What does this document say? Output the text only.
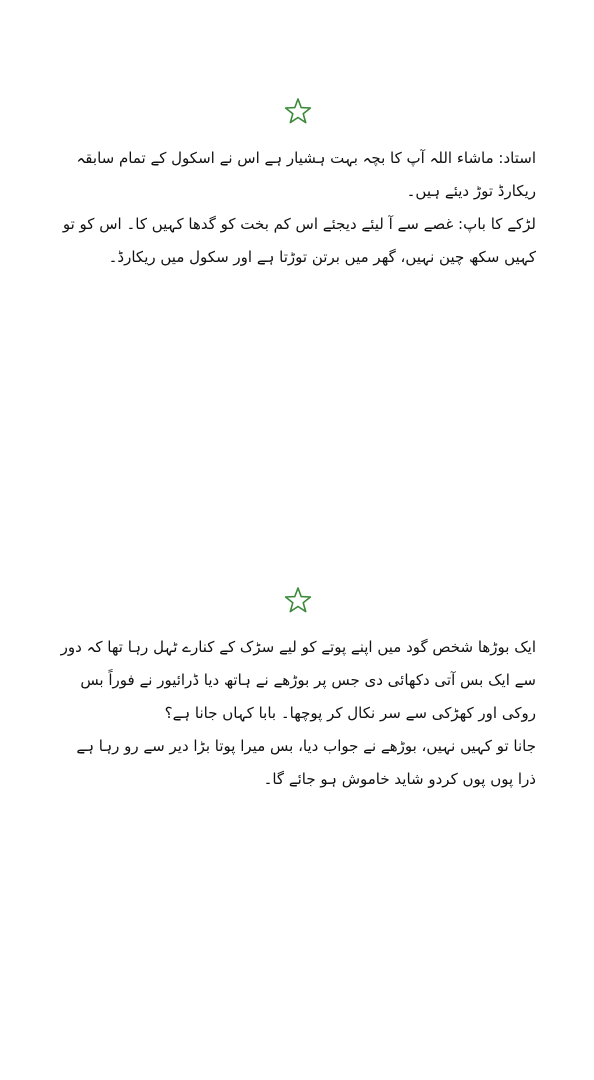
استاد: ماشاء اللہ آپ کا بچہ بہت ہشیار ہے اس نے اسکول کے تمام سابقہ ریکارڈ توڑ دیئے ہیں۔

لڑکے کا باپ: غصے سے آ لیئے دیجئے اس کم بخت کو گدھا کہیں کا۔ اس کو تو کہیں سکھ چین نہیں، گھر میں برتن توڑتا ہے اور سکول میں ریکارڈ۔

ایک بوڑھا شخص گود میں اپنے پوتے کو لیے سڑک کے کنارے ٹہل رہا تھا کہ دور سے ایک بس آتی دکھائی دی جس پر بوڑھے نے ہاتھ دیا ڈرائیور نے فوراً بس روکی اور کھڑکی سے سر نکال کر پوچھا۔ بابا کہاں جانا ہے؟

جانا تو کہیں نہیں، بوڑھے نے جواب دیا، بس میرا پوتا بڑا دیر سے رو رہا ہے ذرا پوں پوں کردو شاید خاموش ہو جائے گا۔
